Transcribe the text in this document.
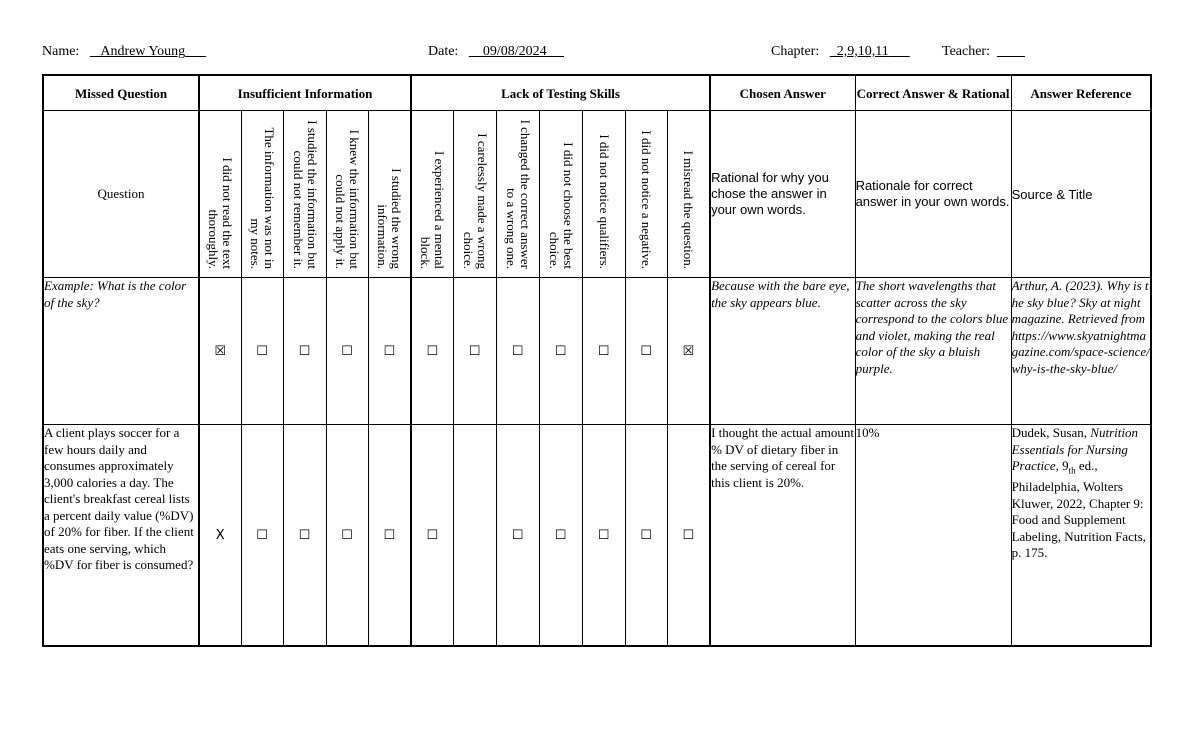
Name: Andrew Young	Date: 09/08/2024	Chapter: 2,9,10,11	Teacher:
Missed Question	Insufficient Information					Lack of Testing Skills							Chosen Answer	Correct Answer & Rational	Answer Reference
Question	I did not read the text thoroughly.	The information was not in my notes.	I studied the information but could not remember it.	I knew the information but could not apply it.	I studied the wrong information.	I experienced a mental block.	I carelessly made a wrong choice.	I changed the correct answer to a wrong one.	I did not choose the best choice.	I did not notice qualifiers.	I did not notice a negative.	I misread the question.	Rational for why you chose the answer in your own words.	Rationale for correct answer in your own words.	Source & Title
Example: What is the color of the sky?	☒	☐	☐	☐	☐	☐	☐	☐	☐	☐	☐	☒	Because with the bare eye, the sky appears blue.	The short wavelengths that scatter across the sky correspond to the colors blue and violet, making the real color of the sky a bluish purple.	Arthur, A. (2023). Why is the sky blue? Sky at night magazine. Retrieved from https://www.skyatnightmagazine.com/space-science/why-is-the-sky-blue/
A client plays soccer for a few hours daily and consumes approximately 3,000 calories a day. The client's breakfast cereal lists a percent daily value (%DV) of 20% for fiber. If the client eats one serving, which %DV for fiber is consumed?	X	☐	☐	☐	☐	☐		☐	☐	☐	☐	☐	I thought the actual amount % DV of dietary fiber in the serving of cereal for this client is 20%.	10%	Dudek, Susan, Nutrition Essentials for Nursing Practice, $9_{th}$ ed., Philadelphia, Wolters Kluwer, 2022, Chapter 9: Food and Supplement Labeling, Nutrition Facts, p. 175.
